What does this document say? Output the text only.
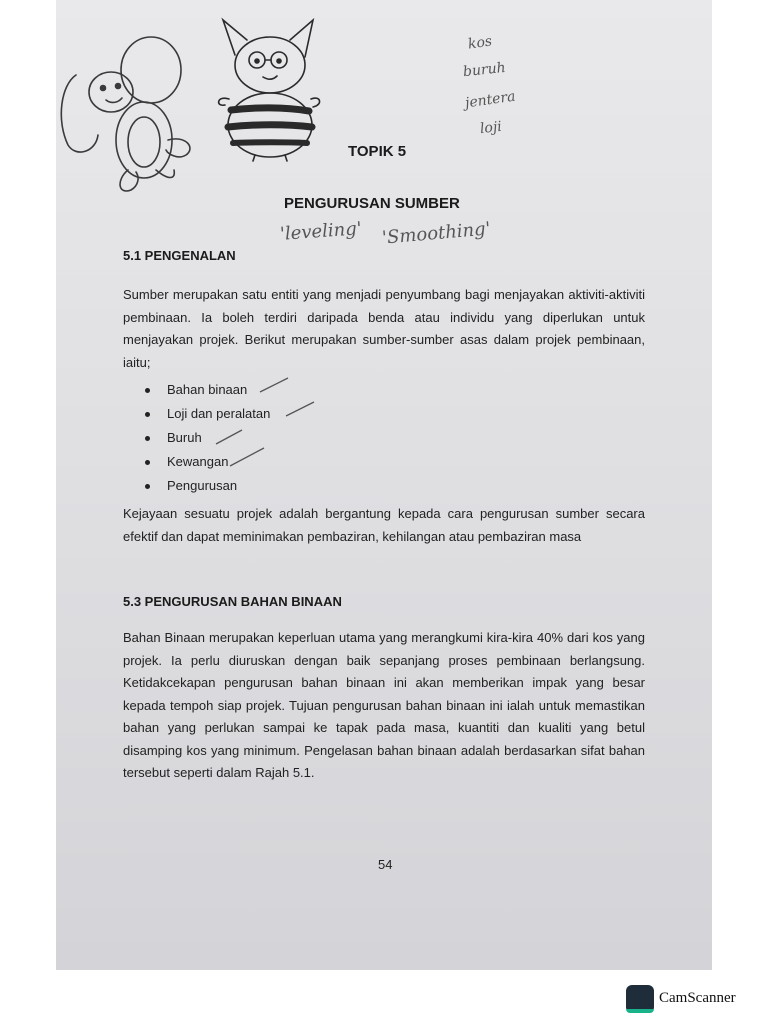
kos
buruh
jentera
loji
TOPIK 5
PENGURUSAN SUMBER
'leveling' 'Smoothing'
5.1 PENGENALAN

Sumber merupakan satu entiti yang menjadi penyumbang bagi menjayakan aktiviti-aktiviti pembinaan. Ia boleh terdiri daripada benda atau individu yang diperlukan untuk menjayakan projek. Berikut merupakan sumber-sumber asas dalam projek pembinaan, iaitu;

Bahan binaan
Loji dan peralatan
Buruh
Kewangan
Pengurusan

Kejayaan sesuatu projek adalah bergantung kepada cara pengurusan sumber secara efektif dan dapat meminimakan pembaziran, kehilangan atau pembaziran masa

5.3 PENGURUSAN BAHAN BINAAN

Bahan Binaan merupakan keperluan utama yang merangkumi kira-kira 40% dari kos yang projek. Ia perlu diuruskan dengan baik sepanjang proses pembinaan berlangsung. Ketidakcekapan pengurusan bahan binaan ini akan memberikan impak yang besar kepada tempoh siap projek. Tujuan pengurusan bahan binaan ini ialah untuk memastikan bahan yang perlukan sampai ke tapak pada masa, kuantiti dan kualiti yang betul disamping kos yang minimum. Pengelasan bahan binaan adalah berdasarkan sifat bahan tersebut seperti dalam Rajah 5.1.

54
CamScanner
